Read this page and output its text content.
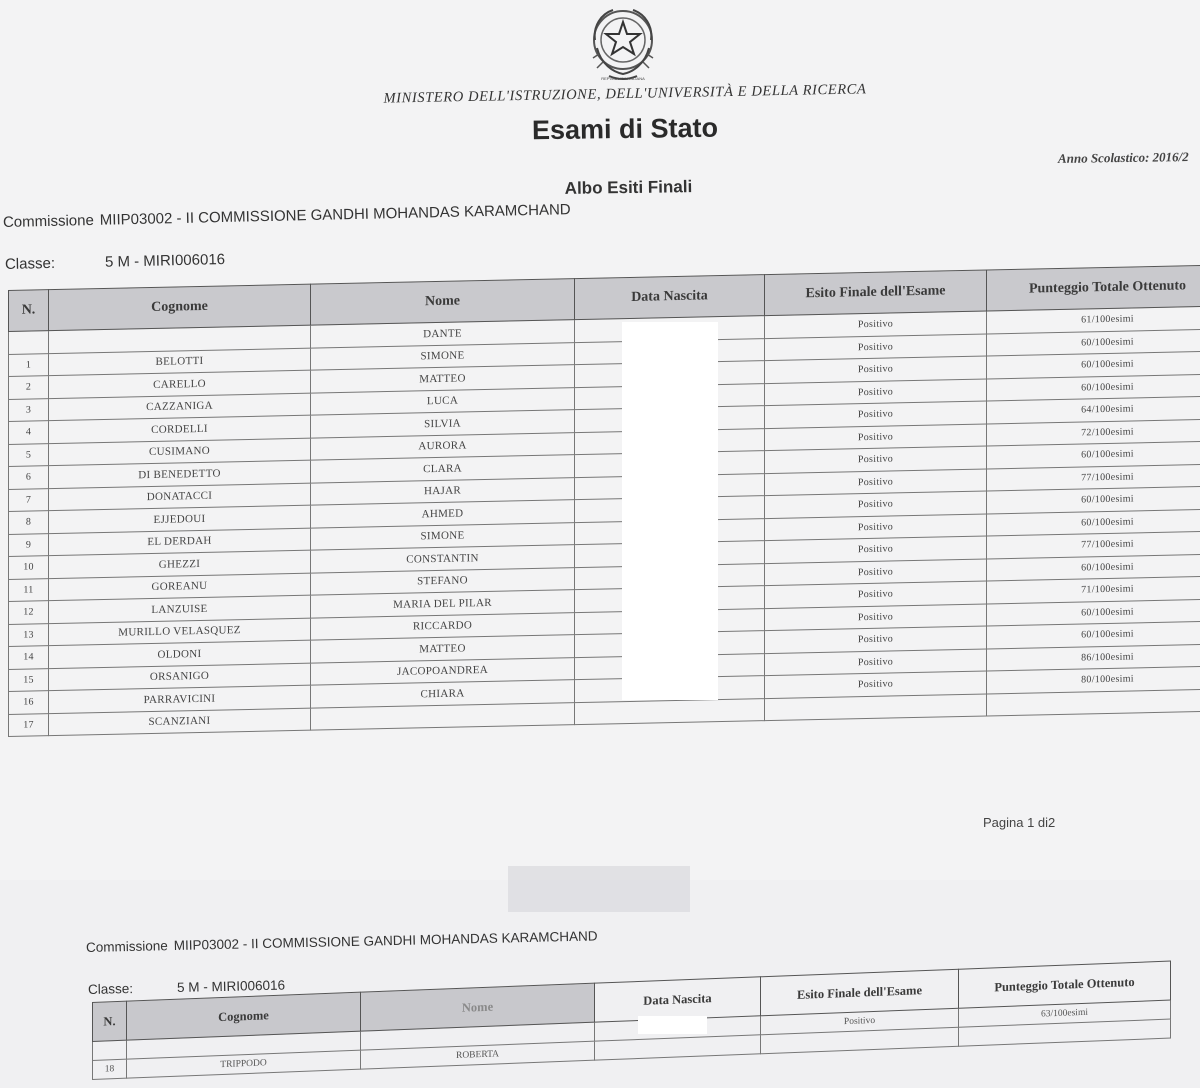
REPVBBLICA ITALIANA
MINISTERO DELL'ISTRUZIONE, DELL'UNIVERSITÀ E DELLA RICERCA
Esami di Stato
Anno Scolastico: 2016/2
Albo Esiti Finali
Commissione MIIP03002 - II COMMISSIONE GANDHI MOHANDAS KARAMCHAND
Classe:	5 M - MIRI006016
N.	Cognome	Nome	Data Nascita	Esito Finale dell'Esame	Punteggio Totale Ottenuto
		DANTE		Positivo	61/100esimi
1	BELOTTI	SIMONE		Positivo	60/100esimi
2	CARELLO	MATTEO		Positivo	60/100esimi
3	CAZZANIGA	LUCA		Positivo	60/100esimi
4	CORDELLI	SILVIA		Positivo	64/100esimi
5	CUSIMANO	AURORA		Positivo	72/100esimi
6	DI BENEDETTO	CLARA		Positivo	60/100esimi
7	DONATACCI	HAJAR		Positivo	77/100esimi
8	EJJEDOUI	AHMED		Positivo	60/100esimi
9	EL DERDAH	SIMONE		Positivo	60/100esimi
10	GHEZZI	CONSTANTIN		Positivo	77/100esimi
11	GOREANU	STEFANO		Positivo	60/100esimi
12	LANZUISE	MARIA DEL PILAR		Positivo	71/100esimi
13	MURILLO VELASQUEZ	RICCARDO		Positivo	60/100esimi
14	OLDONI	MATTEO		Positivo	60/100esimi
15	ORSANIGO	JACOPOANDREA		Positivo	86/100esimi
16	PARRAVICINI	CHIARA		Positivo	80/100esimi
17	SCANZIANI				
Pagina 1 di2
Commissione MIIP03002 - II COMMISSIONE GANDHI MOHANDAS KARAMCHAND
Classe:	5 M - MIRI006016
N.	Cognome	Nome	Data Nascita	Esito Finale dell'Esame	Punteggio Totale Ottenuto
				Positivo	63/100esimi
18	TRIPPODO	ROBERTA			
